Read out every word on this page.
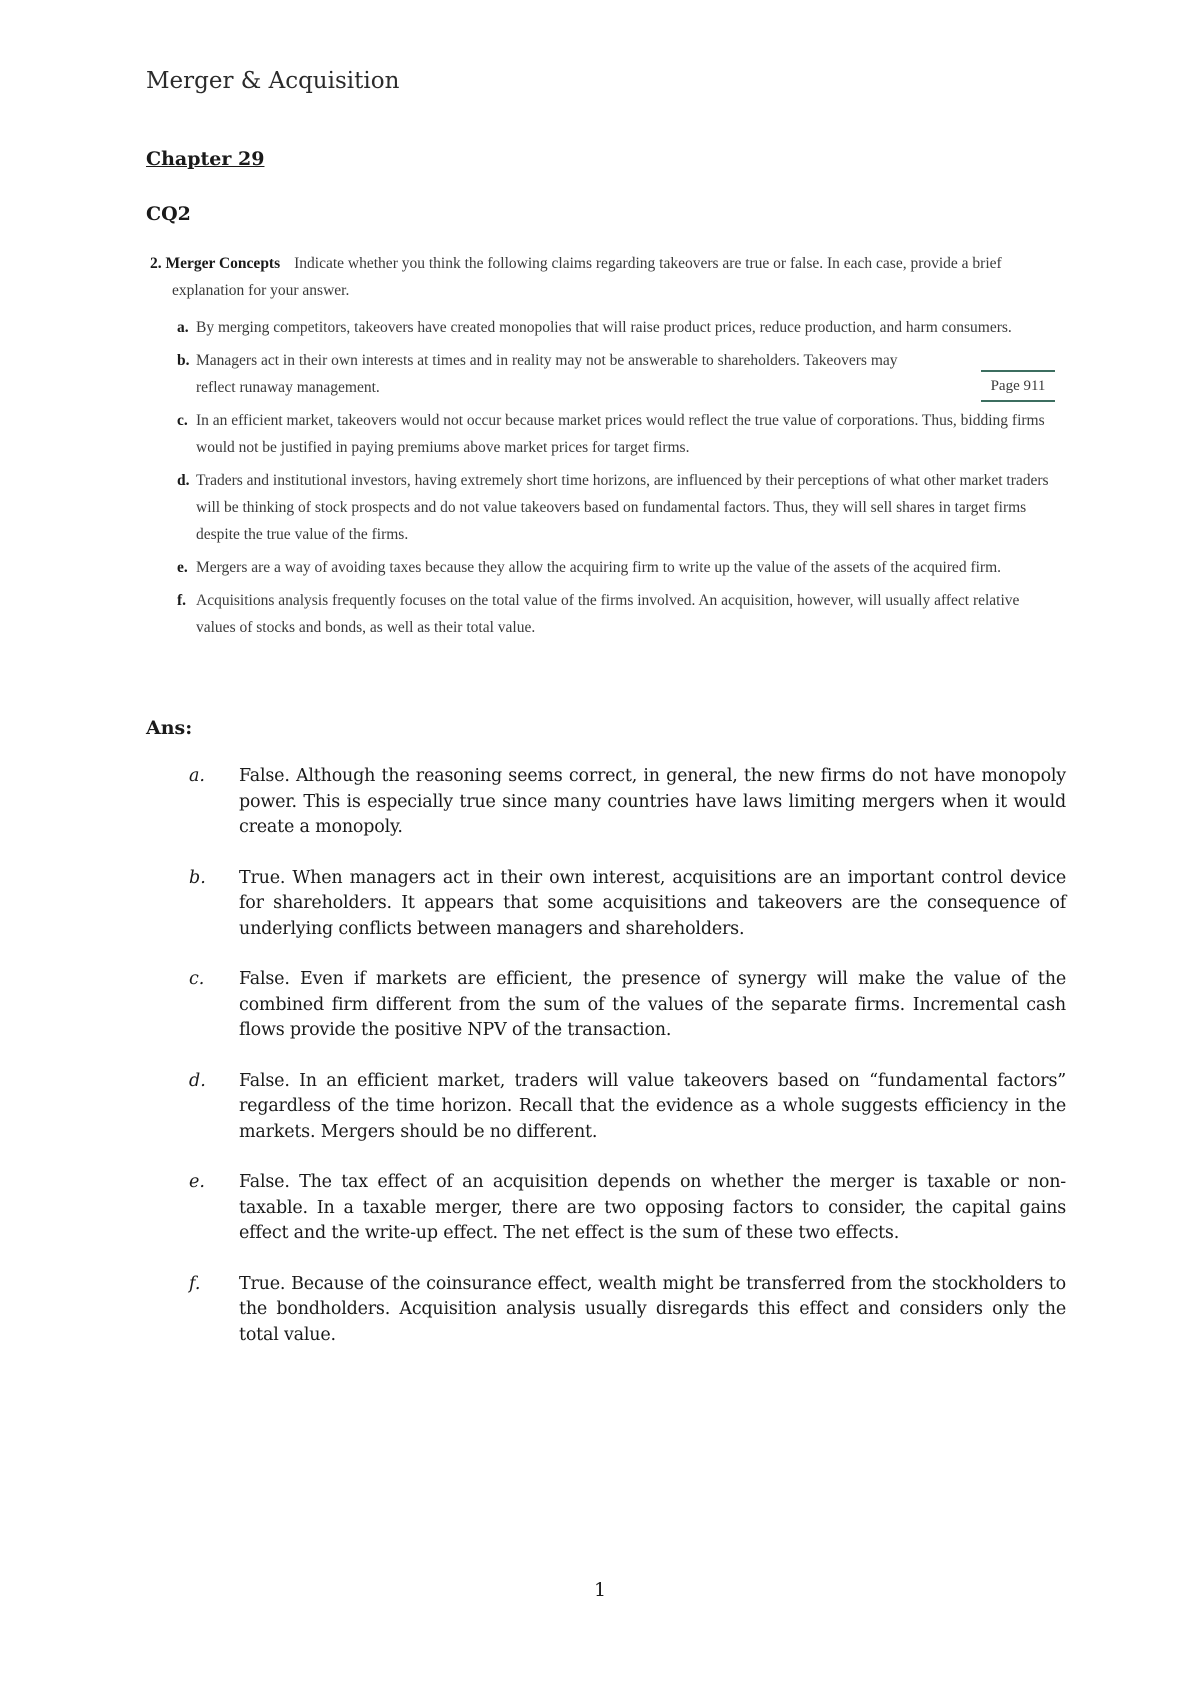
Merger & Acquisition
Chapter 29
CQ2

2. Merger Concepts Indicate whether you think the following claims regarding takeovers are true or false. In each case, provide a brief explanation for your answer.

a. By merging competitors, takeovers have created monopolies that will raise product prices, reduce production, and harm consumers.
b. Managers act in their own interests at times and in reality may not be answerable to shareholders. Takeovers may reflect runaway management.
c. In an efficient market, takeovers would not occur because market prices would reflect the true value of corporations. Thus, bidding firms would not be justified in paying premiums above market prices for target firms.
d. Traders and institutional investors, having extremely short time horizons, are influenced by their perceptions of what other market traders will be thinking of stock prospects and do not value takeovers based on fundamental factors. Thus, they will sell shares in target firms despite the true value of the firms.
e. Mergers are a way of avoiding taxes because they allow the acquiring firm to write up the value of the assets of the acquired firm.
f. Acquisitions analysis frequently focuses on the total value of the firms involved. An acquisition, however, will usually affect relative values of stocks and bonds, as well as their total value.
Page 911
Ans:
a. False. Although the reasoning seems correct, in general, the new firms do not have monopoly power. This is especially true since many countries have laws limiting mergers when it would create a monopoly.
b. True. When managers act in their own interest, acquisitions are an important control device for shareholders. It appears that some acquisitions and takeovers are the consequence of underlying conflicts between managers and shareholders.
c. False. Even if markets are efficient, the presence of synergy will make the value of the combined firm different from the sum of the values of the separate firms. Incremental cash flows provide the positive NPV of the transaction.
d. False. In an efficient market, traders will value takeovers based on “fundamental factors” regardless of the time horizon. Recall that the evidence as a whole suggests efficiency in the markets. Mergers should be no different.
e. False. The tax effect of an acquisition depends on whether the merger is taxable or non-taxable. In a taxable merger, there are two opposing factors to consider, the capital gains effect and the write-up effect. The net effect is the sum of these two effects.
f. True. Because of the coinsurance effect, wealth might be transferred from the stockholders to the bondholders. Acquisition analysis usually disregards this effect and considers only the total value.
1
